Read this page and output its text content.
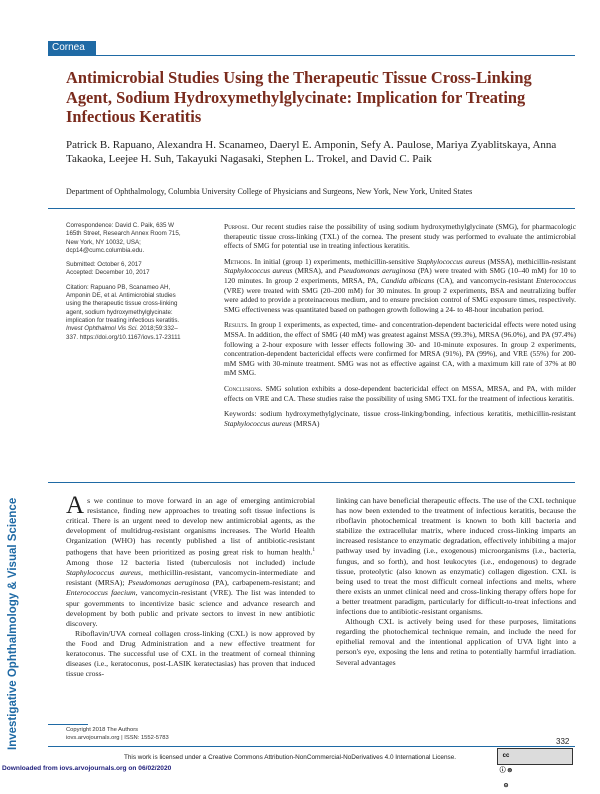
Cornea
Antimicrobial Studies Using the Therapeutic Tissue Cross-Linking Agent, Sodium Hydroxymethylglycinate: Implication for Treating Infectious Keratitis
Patrick B. Rapuano, Alexandra H. Scanameo, Daeryl E. Amponin, Sefy A. Paulose, Mariya Zyablitskaya, Anna Takaoka, Leejee H. Suh, Takayuki Nagasaki, Stephen L. Trokel, and David C. Paik
Department of Ophthalmology, Columbia University College of Physicians and Surgeons, New York, New York, United States
Investigative Ophthalmology & Visual Science

Correspondence: David C. Paik, 635 W 165th Street, Research Annex Room 715, New York, NY 10032, USA; dcp14@cumc.columbia.edu.

Submitted: October 6, 2017

Accepted: December 10, 2017

Citation: Rapuano PB, Scanameo AH, Amponin DE, et al. Antimicrobial studies using the therapeutic tissue cross-linking agent, sodium hydroxymethylglycinate: implication for treating infectious keratitis. Invest Ophthalmol Vis Sci. 2018;59:332–337. https://doi.org/10.1167/iovs.17-23111

Purpose. Our recent studies raise the possibility of using sodium hydroxymethylglycinate (SMG), for pharmacologic therapeutic tissue cross-linking (TXL) of the cornea. The present study was performed to evaluate the antimicrobial effects of SMG for potential use in treating infectious keratitis.

Methods. In initial (group 1) experiments, methicillin-sensitive Staphylococcus aureus (MSSA), methicillin-resistant Staphylococcus aureus (MRSA), and Pseudomonas aeruginosa (PA) were treated with SMG (10–40 mM) for 10 to 120 minutes. In group 2 experiments, MRSA, PA, Candida albicans (CA), and vancomycin-resistant Enterococcus (VRE) were treated with SMG (20–200 mM) for 30 minutes. In group 2 experiments, BSA and neutralizing buffer were added to provide a proteinaceous medium, and to ensure precision control of SMG exposure times, respectively. SMG effectiveness was quantitated based on pathogen growth following a 24- to 48-hour incubation period.

Results. In group 1 experiments, as expected, time- and concentration-dependent bactericidal effects were noted using MSSA. In addition, the effect of SMG (40 mM) was greatest against MSSA (99.3%), MRSA (96.0%), and PA (97.4%) following a 2-hour exposure with lesser effects following 30- and 10-minute exposures. In group 2 experiments, concentration-dependent bactericidal effects were confirmed for MRSA (91%), PA (99%), and VRE (55%) for 200-mM SMG with 30-minute treatment. SMG was not as effective against CA, with a maximum kill rate of 37% at 80 mM SMG.

Conclusions. SMG solution exhibits a dose-dependent bactericidal effect on MSSA, MRSA, and PA, with milder effects on VRE and CA. These studies raise the possibility of using SMG TXL for the treatment of infectious keratitis.

Keywords: sodium hydroxymethylglycinate, tissue cross-linking/bonding, infectious keratitis, methicillin-resistant Staphylococcus aureus (MRSA)

As we continue to move forward in an age of emerging antimicrobial resistance, finding new approaches to treating soft tissue infections is critical. There is an urgent need to develop new antimicrobial agents, as the development of multidrug-resistant organisms increases. The World Health Organization (WHO) has recently published a list of antibiotic-resistant pathogens that have been prioritized as posing great risk to human health.$^1$ Among those 12 bacteria listed (tuberculosis not included) include Staphylococcus aureus, methicillin-resistant, vancomycin-intermediate and resistant (MRSA); Pseudomonas aeruginosa (PA), carbapenem-resistant; and Enterococcus faecium, vancomycin-resistant (VRE). The list was intended to spur governments to incentivize basic science and advance research and development by both public and private sectors to invest in new antibiotic discovery.

Riboflavin/UVA corneal collagen cross-linking (CXL) is now approved by the Food and Drug Administration and a new effective treatment for keratoconus. The successful use of CXL in the treatment of corneal thinning diseases (i.e., keratoconus, post-LASIK keratectasias) has proven that induced tissue cross-

linking can have beneficial therapeutic effects. The use of the CXL technique has now been extended to the treatment of infectious keratitis, because the riboflavin photochemical treatment is known to both kill bacteria and stabilize the extracellular matrix, where induced cross-linking imparts an increased resistance to enzymatic degradation, effectively inhibiting a major pathway used by invading (i.e., exogenous) microorganisms (i.e., bacteria, fungus, and so forth), and host leukocytes (i.e., endogenous) to degrade tissue, proteolytic (also known as enzymatic) collagen digestion. CXL is being used to treat the most difficult corneal infections and melts, where there exists an unmet clinical need and cross-linking therapy offers hope for a better treatment paradigm, particularly for difficult-to-treat infections and infections due to antibiotic-resistant organisms.

Although CXL is actively being used for these purposes, limitations regarding the photochemical technique remain, and include the need for epithelial removal and the intentional application of UVA light into a person's eye, exposing the lens and retina to potentially harmful irradiation. Several advantages

Copyright 2018 The Authors
iovs.arvojournals.org | ISSN: 1552-5783	332
This work is licensed under a Creative Commons Attribution-NonCommercial-NoDerivatives 4.0 International License.	cc ⓘ ⊜ ⊝
Downloaded from iovs.arvojournals.org on 06/02/2020
